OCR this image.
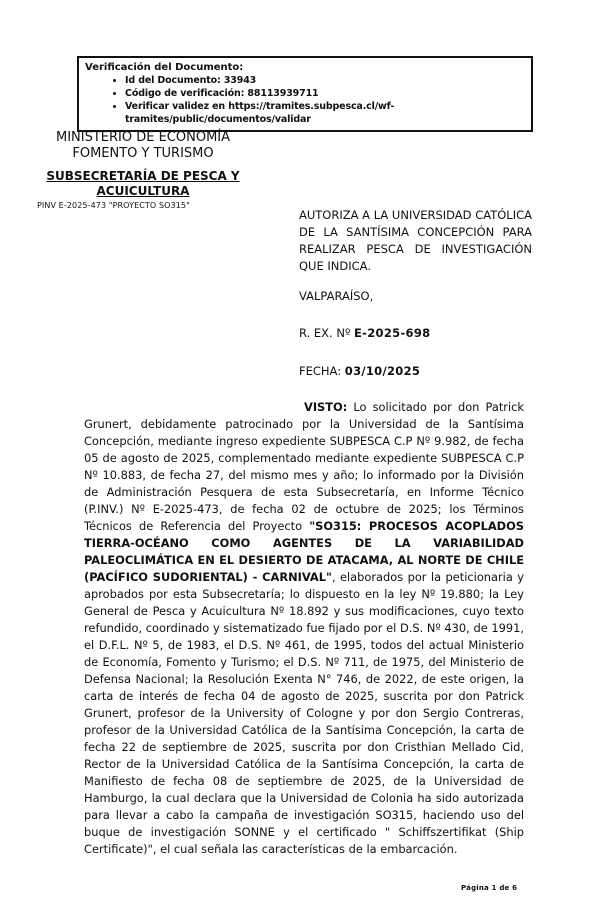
Verificación del Documento:
• Id del Documento: 33943
• Código de verificación: 88113939711
• Verificar validez en https://tramites.subpesca.cl/wf-tramites/public/documentos/validar
MINISTERIO DE ECONOMÍA
FOMENTO Y TURISMO
SUBSECRETARÍA DE PESCA Y ACUICULTURA
PINV E-2025-473 "PROYECTO SO315"
AUTORIZA A LA UNIVERSIDAD CATÓLICA DE LA SANTÍSIMA CONCEPCIÓN PARA REALIZAR PESCA DE INVESTIGACIÓN QUE INDICA.
VALPARAÍSO,
R. EX. Nº E-2025-698
FECHA: 03/10/2025
VISTO: Lo solicitado por don Patrick Grunert, debidamente patrocinado por la Universidad de la Santísima Concepción, mediante ingreso expediente SUBPESCA C.P Nº 9.982, de fecha 05 de agosto de 2025, complementado mediante expediente SUBPESCA C.P Nº 10.883, de fecha 27, del mismo mes y año; lo informado por la División de Administración Pesquera de esta Subsecretaría, en Informe Técnico (P.INV.) Nº E-2025-473, de fecha 02 de octubre de 2025; los Términos Técnicos de Referencia del Proyecto "SO315: PROCESOS ACOPLADOS TIERRA-OCÉANO COMO AGENTES DE LA VARIABILIDAD PALEOCLIMÁTICA EN EL DESIERTO DE ATACAMA, AL NORTE DE CHILE (PACÍFICO SUDORIENTAL) - CARNIVAL", elaborados por la peticionaria y aprobados por esta Subsecretaría; lo dispuesto en la ley Nº 19.880; la Ley General de Pesca y Acuicultura Nº 18.892 y sus modificaciones, cuyo texto refundido, coordinado y sistematizado fue fijado por el D.S. Nº 430, de 1991, el D.F.L. Nº 5, de 1983, el D.S. Nº 461, de 1995, todos del actual Ministerio de Economía, Fomento y Turismo; el D.S. Nº 711, de 1975, del Ministerio de Defensa Nacional; la Resolución Exenta N° 746, de 2022, de este origen, la carta de interés de fecha 04 de agosto de 2025, suscrita por don Patrick Grunert, profesor de la University of Cologne y por don Sergio Contreras, profesor de la Universidad Católica de la Santísima Concepción, la carta de fecha 22 de septiembre de 2025, suscrita por don Cristhian Mellado Cid, Rector de la Universidad Católica de la Santísima Concepción, la carta de Manifiesto de fecha 08 de septiembre de 2025, de la Universidad de Hamburgo, la cual declara que la Universidad de Colonia ha sido autorizada para llevar a cabo la campaña de investigación SO315, haciendo uso del buque de investigación SONNE y el certificado " Schiffszertifikat (Ship Certificate)", el cual señala las características de la embarcación.
Página 1 de 6
